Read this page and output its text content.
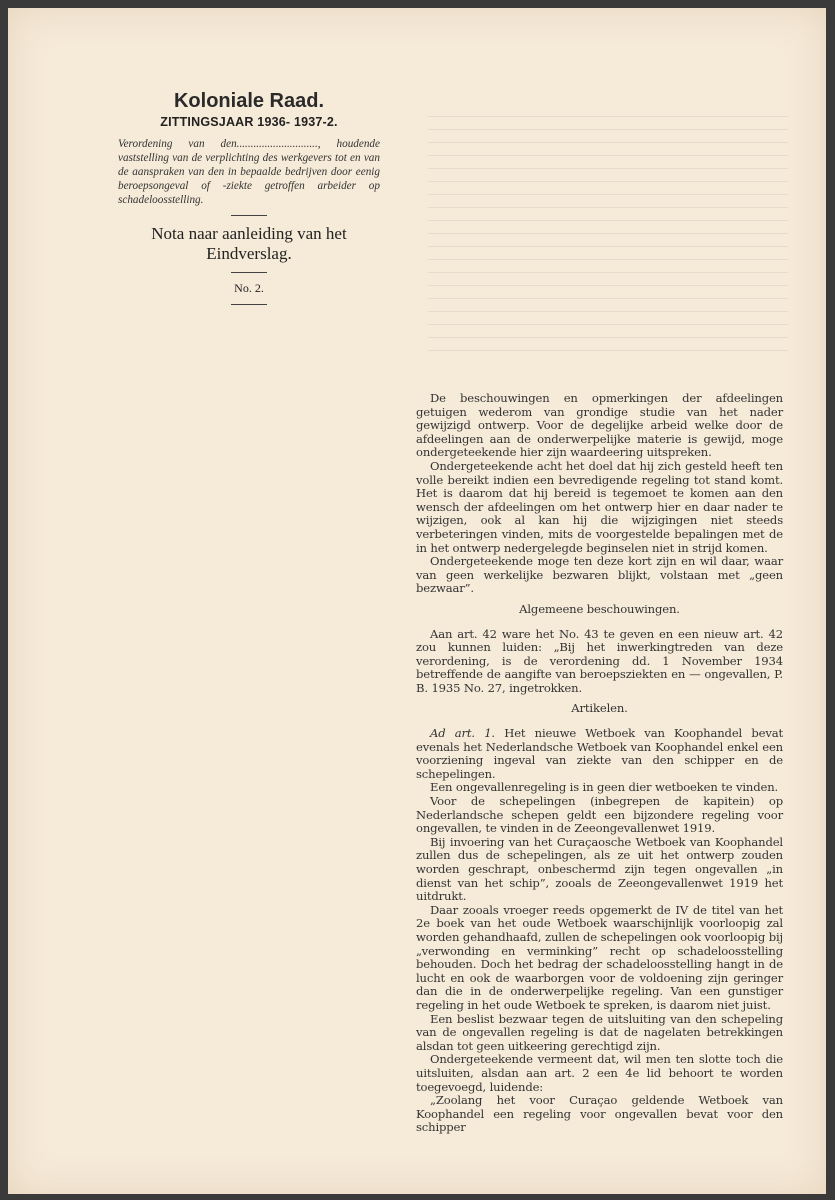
Koloniale Raad.
ZITTINGSJAAR 1936- 1937-2.

Verordening van den............................., houdende vaststelling van de verplichting des werkgevers tot en van de aanspraken van den in bepaalde bedrijven door eenig beroepsongeval of -ziekte getroffen arbeider op schadeloosstelling.

Nota naar aanleiding van het Eindverslag.
No. 2.

De beschouwingen en opmerkingen der afdeelingen getuigen wederom van grondige studie van het nader gewijzigd ontwerp. Voor de degelijke arbeid welke door de afdeelingen aan de onderwerpelijke materie is gewijd, moge ondergeteekende hier zijn waardeering uitspreken.

Ondergeteekende acht het doel dat hij zich gesteld heeft ten volle bereikt indien een bevredigende regeling tot stand komt. Het is daarom dat hij bereid is tegemoet te komen aan den wensch der afdeelingen om het ontwerp hier en daar nader te wijzigen, ook al kan hij die wijzigingen niet steeds verbeteringen vinden, mits de voorgestelde bepalingen met de in het ontwerp nedergelegde beginselen niet in strijd komen.

Ondergeteekende moge ten deze kort zijn en wil daar, waar van geen werkelijke bezwaren blijkt, volstaan met „geen bezwaar”.

Algemeene beschouwingen.

Aan art. 42 ware het No. 43 te geven en een nieuw art. 42 zou kunnen luiden: „Bij het inwerkingtreden van deze verordening, is de verordening dd. 1 November 1934 betreffende de aangifte van beroepsziekten en — ongevallen, P. B. 1935 No. 27, ingetrokken.

Artikelen.

Ad art. 1. Het nieuwe Wetboek van Koophandel bevat evenals het Nederlandsche Wetboek van Koophandel enkel een voorziening ingeval van ziekte van den schipper en de schepelingen.

Een ongevallenregeling is in geen dier wetboeken te vinden.

Voor de schepelingen (inbegrepen de kapitein) op Nederlandsche schepen geldt een bijzondere regeling voor ongevallen, te vinden in de Zeeongevallenwet 1919.

Bij invoering van het Curaçaosche Wetboek van Koophandel zullen dus de schepelingen, als ze uit het ontwerp zouden worden geschrapt, onbeschermd zijn tegen ongevallen „in dienst van het schip”, zooals de Zeeongevallenwet 1919 het uitdrukt.

Daar zooals vroeger reeds opgemerkt de IV de titel van het 2e boek van het oude Wetboek waarschijnlijk voorloopig zal worden gehandhaafd, zullen de schepelingen ook voorloopig bij „verwonding en verminking” recht op schadeloosstelling behouden. Doch het bedrag der schadeloosstelling hangt in de lucht en ook de waarborgen voor de voldoening zijn geringer dan die in de onderwerpelijke regeling. Van een gunstiger regeling in het oude Wetboek te spreken, is daarom niet juist.

Een beslist bezwaar tegen de uitsluiting van den schepeling van de ongevallen regeling is dat de nagelaten betrekkingen alsdan tot geen uitkeering gerechtigd zijn.

Ondergeteekende vermeent dat, wil men ten slotte toch die uitsluiten, alsdan aan art. 2 een 4e lid behoort te worden toegevoegd, luidende:

„Zoolang het voor Curaçao geldende Wetboek van Koophandel een regeling voor ongevallen bevat voor den schipper
